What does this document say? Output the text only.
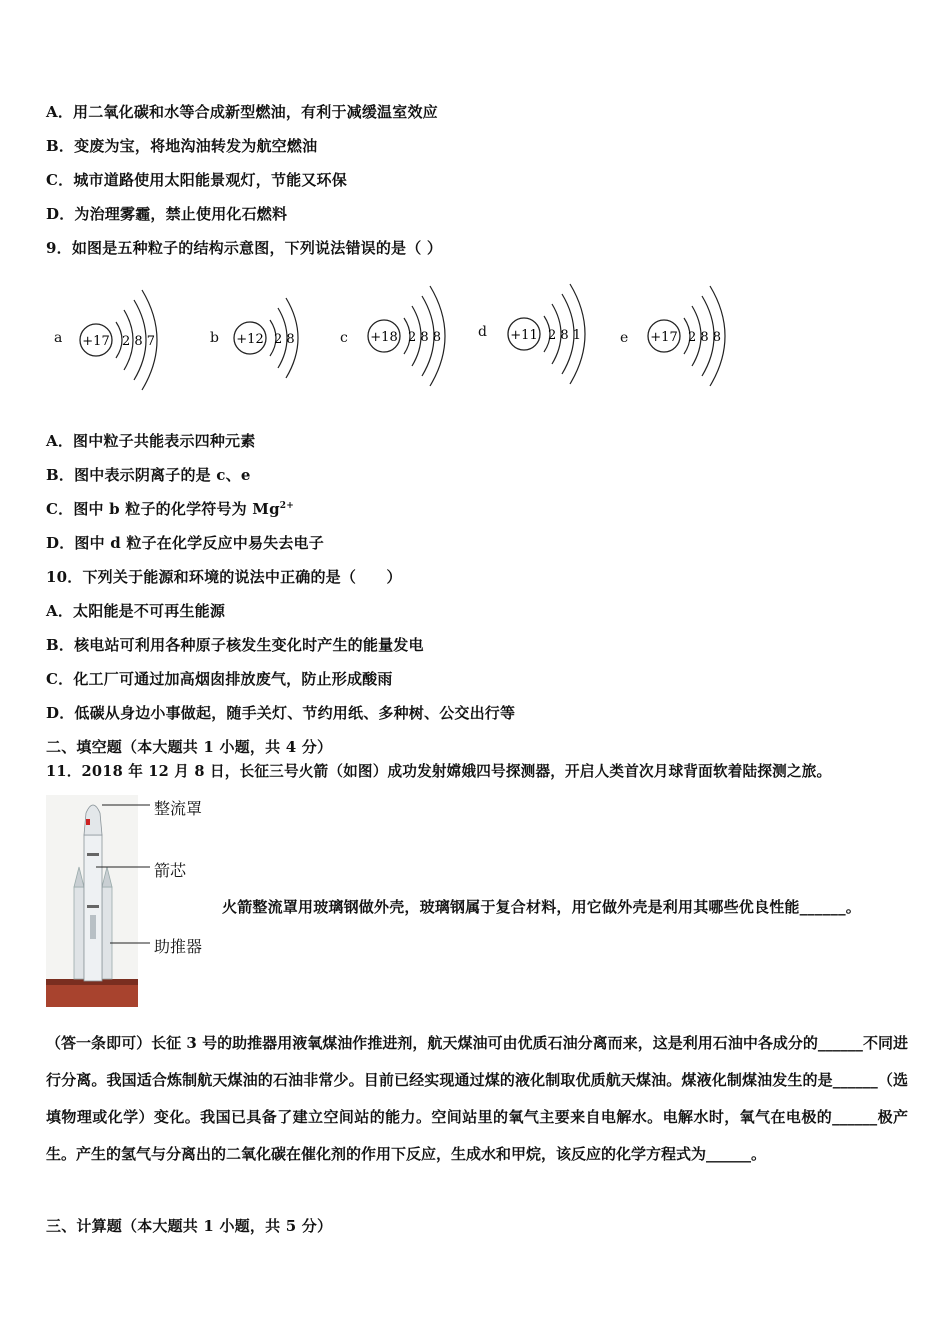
A．用二氧化碳和水等合成新型燃油，有利于减缓温室效应
B．变废为宝，将地沟油转发为航空燃油
C．城市道路使用太阳能景观灯，节能又环保
D．为治理雾霾，禁止使用化石燃料
9．如图是五种粒子的结构示意图，下列说法错误的是（ ）
a +17 2 8 7	b +12 2 8	c +18 2 8 8	d +11 2 8 1	e +17 2 8 8
A．图中粒子共能表示四种元素
B．图中表示阴离子的是 c、e
C．图中 b 粒子的化学符号为 $Mg^{2+}$
D．图中 d 粒子在化学反应中易失去电子
10．下列关于能源和环境的说法中正确的是（　　）
A．太阳能是不可再生能源
B．核电站可利用各种原子核发生变化时产生的能量发电
C．化工厂可通过加高烟囱排放废气，防止形成酸雨
D．低碳从身边小事做起，随手关灯、节约用纸、多种树、公交出行等
二、填空题（本大题共 1 小题，共 4 分）
11．2018 年 12 月 8 日，长征三号火箭（如图）成功发射嫦娥四号探测器，开启人类首次月球背面软着陆探测之旅。
整流罩
箭芯
助推器
火箭整流罩用玻璃钢做外壳，玻璃钢属于复合材料，用它做外壳是利用其哪些优良性能______。
（答一条即可）长征 3 号的助推器用液氧煤油作推进剂，航天煤油可由优质石油分离而来，这是利用石油中各成分的______不同进行分离。我国适合炼制航天煤油的石油非常少。目前已经实现通过煤的液化制取优质航天煤油。煤液化制煤油发生的是______（选填物理或化学）变化。我国已具备了建立空间站的能力。空间站里的氧气主要来自电解水。电解水时，氧气在电极的______极产生。产生的氢气与分离出的二氧化碳在催化剂的作用下反应，生成水和甲烷，该反应的化学方程式为______。
三、计算题（本大题共 1 小题，共 5 分）
